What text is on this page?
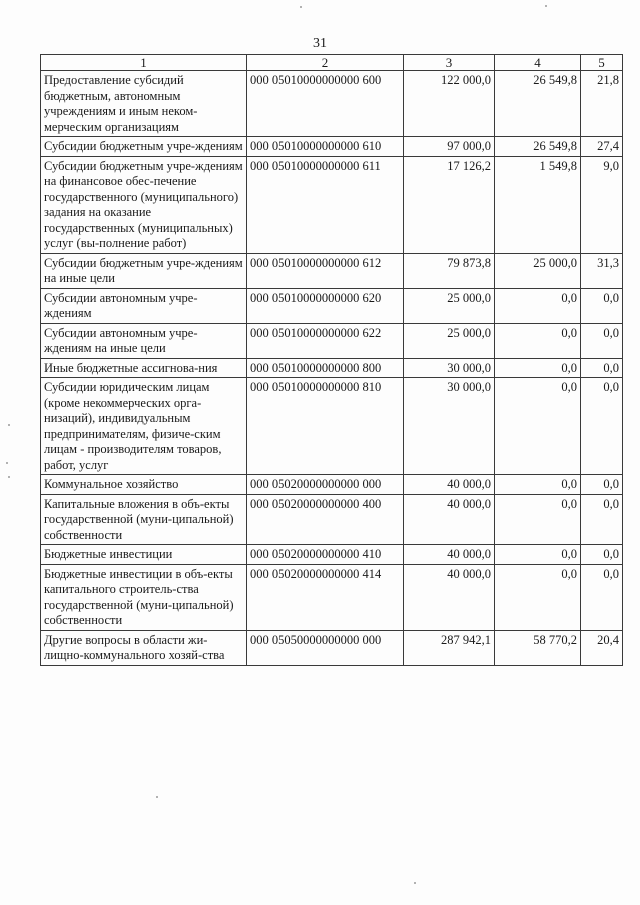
31
1	2	3	4	5
Предоставление субсидий бюджетным, автономным учреждениям и иным неком-мерческим организациям	000 05010000000000 600	122 000,0	26 549,8	21,8
Субсидии бюджетным учре-ждениям	000 05010000000000 610	97 000,0	26 549,8	27,4
Субсидии бюджетным учре-ждениям на финансовое обес-печение государственного (муниципального) задания на оказание государственных (муниципальных) услуг (вы-полнение работ)	000 05010000000000 611	17 126,2	1 549,8	9,0
Субсидии бюджетным учре-ждениям на иные цели	000 05010000000000 612	79 873,8	25 000,0	31,3
Субсидии автономным учре-ждениям	000 05010000000000 620	25 000,0	0,0	0,0
Субсидии автономным учре-ждениям на иные цели	000 05010000000000 622	25 000,0	0,0	0,0
Иные бюджетные ассигнова-ния	000 05010000000000 800	30 000,0	0,0	0,0
Субсидии юридическим лицам (кроме некоммерческих орга-низаций), индивидуальным предпринимателям, физиче-ским лицам - производителям товаров, работ, услуг	000 05010000000000 810	30 000,0	0,0	0,0
Коммунальное хозяйство	000 05020000000000 000	40 000,0	0,0	0,0
Капитальные вложения в объ-екты государственной (муни-ципальной) собственности	000 05020000000000 400	40 000,0	0,0	0,0
Бюджетные инвестиции	000 05020000000000 410	40 000,0	0,0	0,0
Бюджетные инвестиции в объ-екты капитального строитель-ства государственной (муни-ципальной) собственности	000 05020000000000 414	40 000,0	0,0	0,0
Другие вопросы в области жи-лищно-коммунального хозяй-ства	000 05050000000000 000	287 942,1	58 770,2	20,4
